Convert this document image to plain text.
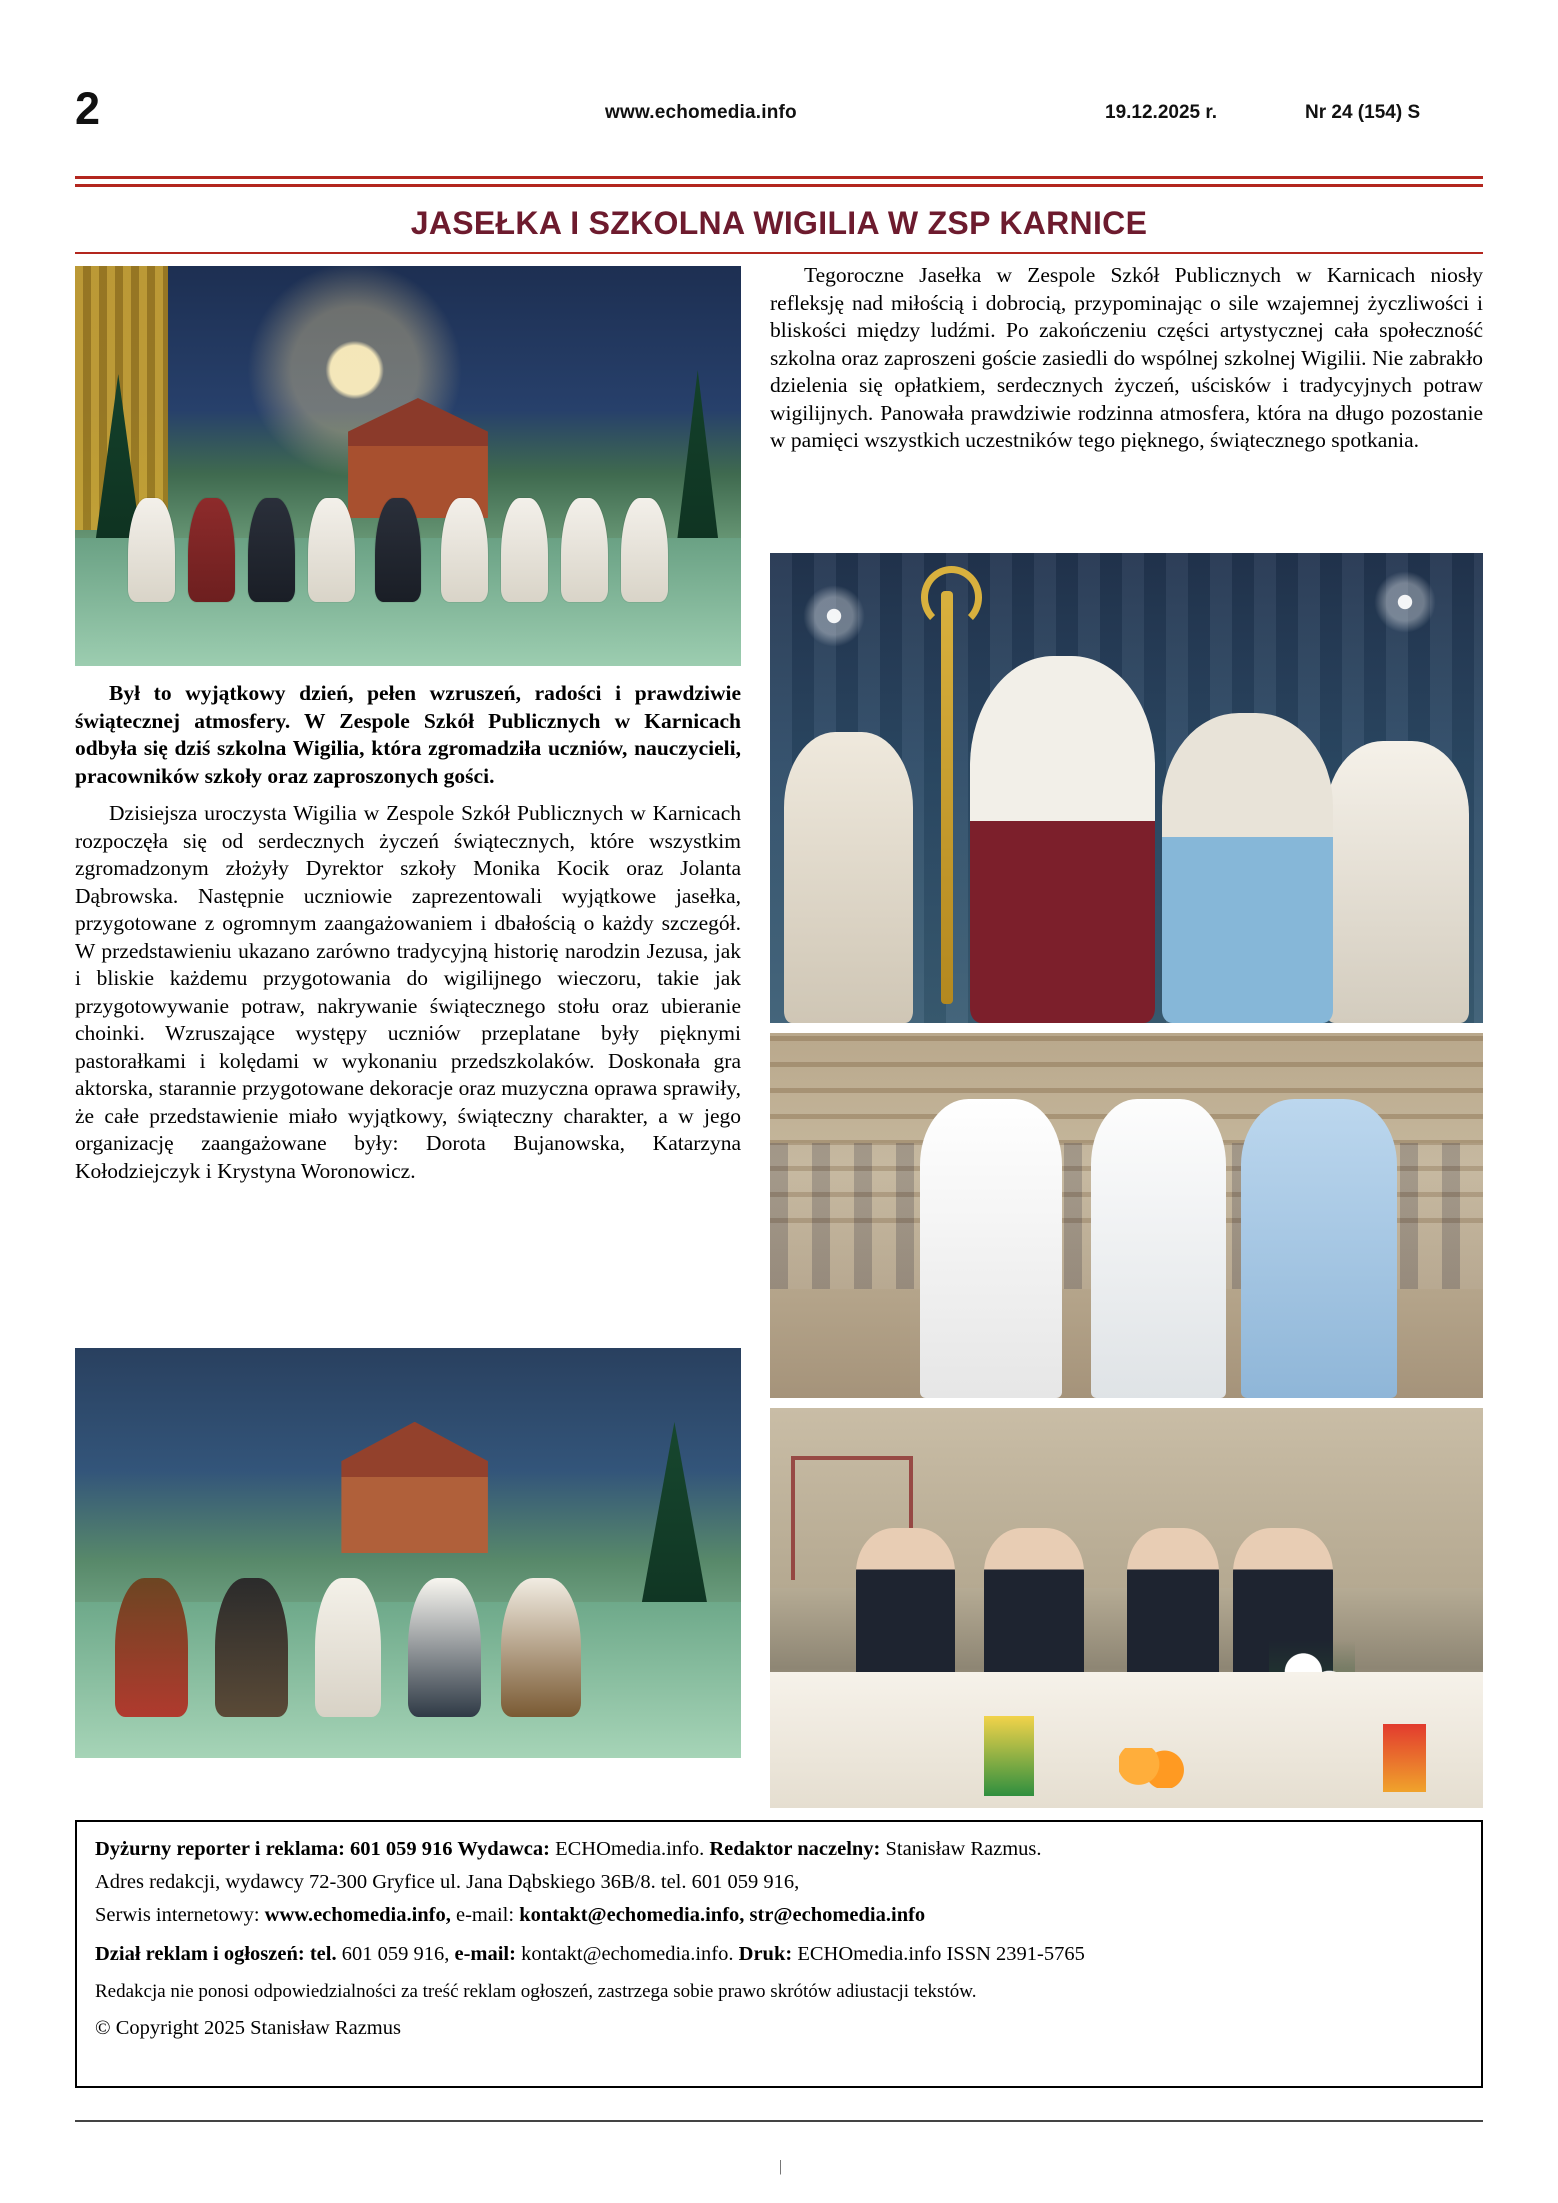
2	www.echomedia.info	19.12.2025 r.	Nr 24 (154) S
JASEŁKA I SZKOLNA WIGILIA W ZSP KARNICE

Był to wyjątkowy dzień, pełen wzruszeń, radości i prawdziwie świątecznej atmosfery. W Zespole Szkół Publicznych w Karnicach odbyła się dziś szkolna Wigilia, która zgromadziła uczniów, nauczycieli, pracowników szkoły oraz zaproszonych gości.

Dzisiejsza uroczysta Wigilia w Zespole Szkół Publicznych w Karnicach rozpoczęła się od serdecznych życzeń świątecznych, które wszystkim zgromadzonym złożyły Dyrektor szkoły Monika Kocik oraz Jolanta Dąbrowska. Następnie uczniowie zaprezentowali wyjątkowe jasełka, przygotowane z ogromnym zaangażowaniem i dbałością o każdy szczegół. W przedstawieniu ukazano zarówno tradycyjną historię narodzin Jezusa, jak i bliskie każdemu przygotowania do wigilijnego wieczoru, takie jak przygotowywanie potraw, nakrywanie świątecznego stołu oraz ubieranie choinki. Wzruszające występy uczniów przeplatane były pięknymi pastorałkami i kolędami w wykonaniu przedszkolaków. Doskonała gra aktorska, starannie przygotowane dekoracje oraz muzyczna oprawa sprawiły, że całe przedstawienie miało wyjątkowy, świąteczny charakter, a w jego organizację zaangażowane były: Dorota Bujanowska, Katarzyna Kołodziejczyk i Krystyna Woronowicz.

Tegoroczne Jasełka w Zespole Szkół Publicznych w Karnicach niosły refleksję nad miłością i dobrocią, przypominając o sile wzajemnej życzliwości i bliskości między ludźmi. Po zakończeniu części artystycznej cała społeczność szkolna oraz zaproszeni goście zasiedli do wspólnej szkolnej Wigilii. Nie zabrakło dzielenia się opłatkiem, serdecznych życzeń, uścisków i tradycyjnych potraw wigilijnych. Panowała prawdziwie rodzinna atmosfera, która na długo pozostanie w pamięci wszystkich uczestników tego pięknego, świątecznego spotkania.

Dyżurny reporter i reklama: 601 059 916 Wydawca: ECHOmedia.info. Redaktor naczelny: Stanisław Razmus.

Adres redakcji, wydawcy 72-300 Gryfice ul. Jana Dąbskiego 36B/8. tel. 601 059 916,

Serwis internetowy: www.echomedia.info, e-mail: kontakt@echomedia.info, str@echomedia.info

Dział reklam i ogłoszeń: tel. 601 059 916, e-mail: kontakt@echomedia.info. Druk: ECHOmedia.info ISSN 2391-5765

Redakcja nie ponosi odpowiedzialności za treść reklam ogłoszeń, zastrzega sobie prawo skrótów adiustacji tekstów.

© Copyright 2025 Stanisław Razmus

|
